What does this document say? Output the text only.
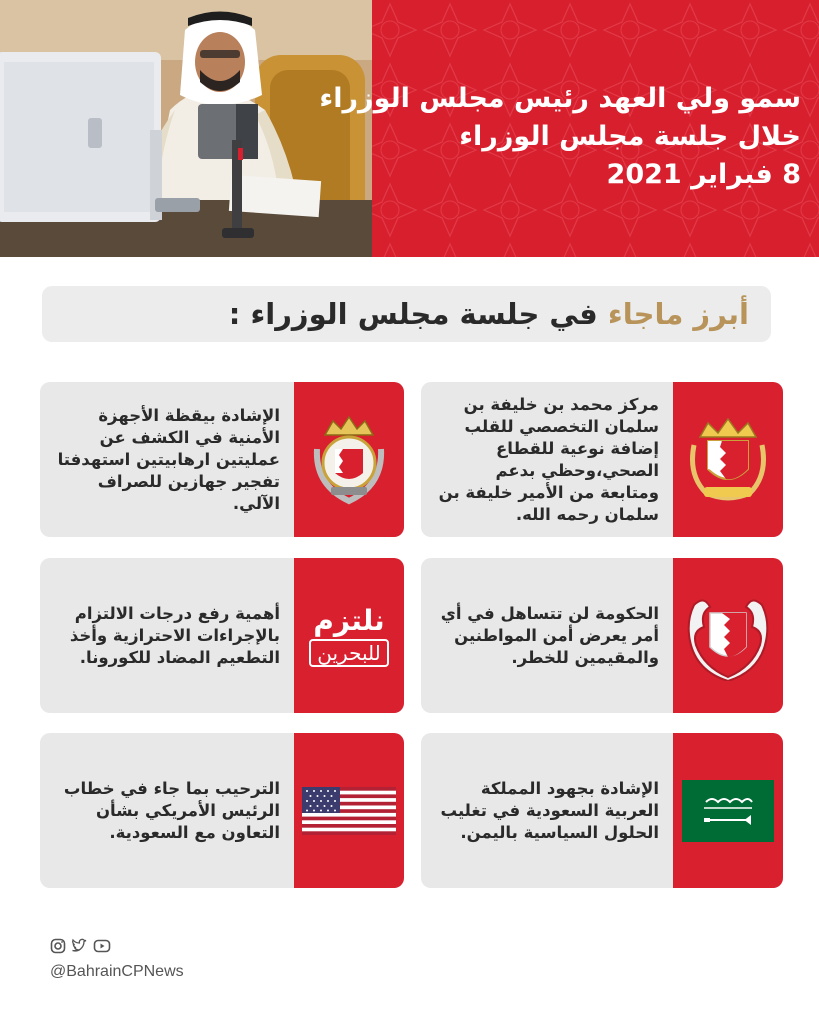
سمو ولي العهد رئيس مجلس الوزراء
خلال جلسة مجلس الوزراء
8 فبراير 2021
أبرز ماجاء في جلسة مجلس الوزراء :
مركز محمد بن خليفة بن سلمان التخصصي للقلب إضافة نوعية للقطاع الصحي،وحظي بدعم ومتابعة من الأمير خليفة بن سلمان رحمه الله.
الإشادة بيقظة الأجهزة الأمنية في الكشف عن عمليتين ارهابيتين استهدفتا تفجير جهازين للصراف الآلي.
الحكومة لن تتساهل في أي أمر يعرض أمن المواطنين والمقيمين للخطر.
نلتزم
للبحرين
أهمية رفع درجات الالتزام بالإجراءات الاحترازية وأخذ التطعيم المضاد للكورونا.
الإشادة بجهود المملكة العربية السعودية في تغليب الحلول السياسية باليمن.
الترحيب بما جاء في خطاب الرئيس الأمريكي بشأن التعاون مع السعودية.
@BahrainCPNews
